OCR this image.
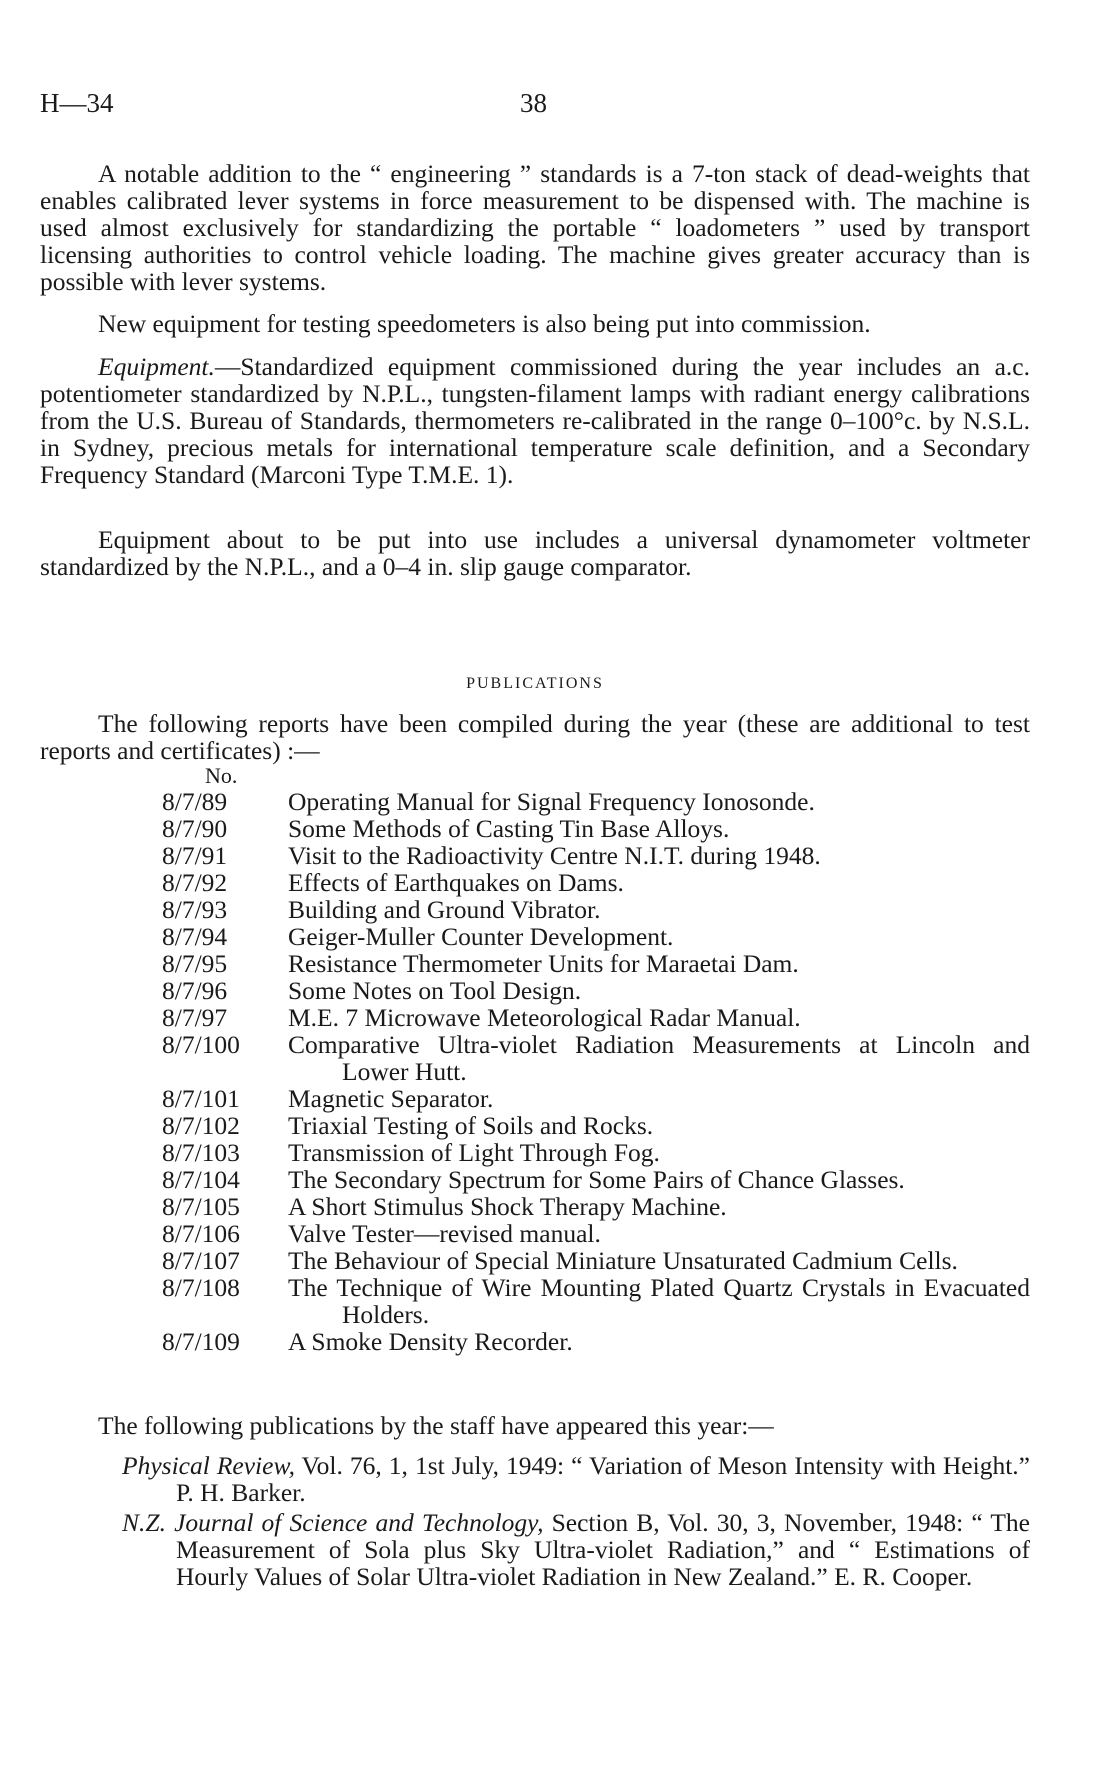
H—34	38

A notable addition to the “ engineering ” standards is a 7-ton stack of dead-weights that enables calibrated lever systems in force measurement to be dispensed with. The machine is used almost exclusively for standardizing the portable “ loadometers ” used by transport licensing authorities to control vehicle loading. The machine gives greater accuracy than is possible with lever systems.

New equipment for testing speedometers is also being put into commission.

Equipment.—Standardized equipment commissioned during the year includes an a.c. potentiometer standardized by N.P.L., tungsten-filament lamps with radiant energy calibrations from the U.S. Bureau of Standards, thermometers re-calibrated in the range 0–100°c. by N.S.L. in Sydney, precious metals for international temperature scale definition, and a Secondary Frequency Standard (Marconi Type T.M.E. 1).

Equipment about to be put into use includes a universal dynamometer voltmeter standardized by the N.P.L., and a 0–4 in. slip gauge comparator.

PUBLICATIONS

The following reports have been compiled during the year (these are additional to test reports and certificates) :—

No.
8/7/89	Operating Manual for Signal Frequency Ionosonde.
8/7/90	Some Methods of Casting Tin Base Alloys.
8/7/91	Visit to the Radioactivity Centre N.I.T. during 1948.
8/7/92	Effects of Earthquakes on Dams.
8/7/93	Building and Ground Vibrator.
8/7/94	Geiger-Muller Counter Development.
8/7/95	Resistance Thermometer Units for Maraetai Dam.
8/7/96	Some Notes on Tool Design.
8/7/97	M.E. 7 Microwave Meteorological Radar Manual.
8/7/100	Comparative Ultra-violet Radiation Measurements at Lincoln and Lower Hutt.
8/7/101	Magnetic Separator.
8/7/102	Triaxial Testing of Soils and Rocks.
8/7/103	Transmission of Light Through Fog.
8/7/104	The Secondary Spectrum for Some Pairs of Chance Glasses.
8/7/105	A Short Stimulus Shock Therapy Machine.
8/7/106	Valve Tester—revised manual.
8/7/107	The Behaviour of Special Miniature Unsaturated Cadmium Cells.
8/7/108	The Technique of Wire Mounting Plated Quartz Crystals in Evacuated Holders.
8/7/109	A Smoke Density Recorder.

The following publications by the staff have appeared this year:—

Physical Review, Vol. 76, 1, 1st July, 1949: “ Variation of Meson Intensity with Height.” P. H. Barker.
N.Z. Journal of Science and Technology, Section B, Vol. 30, 3, November, 1948: “ The Measurement of Sola plus Sky Ultra-violet Radiation,” and “ Estimations of Hourly Values of Solar Ultra-violet Radiation in New Zealand.” E. R. Cooper.
